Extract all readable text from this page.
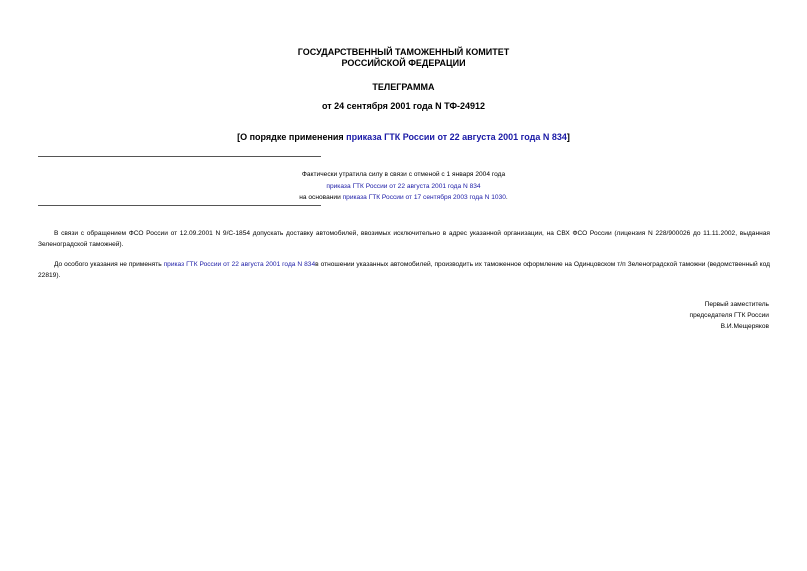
ГОСУДАРСТВЕННЫЙ ТАМОЖЕННЫЙ КОМИТЕТ
РОССИЙСКОЙ ФЕДЕРАЦИИ
ТЕЛЕГРАММА
от 24 сентября 2001 года N ТФ-24912
[О порядке применения приказа ГТК России от 22 августа 2001 года N 834]
Фактически утратила силу в связи с отменой с 1 января 2004 года
приказа ГТК России от 22 августа 2001 года N 834
на основании приказа ГТК России от 17 сентября 2003 года N 1030.
В связи с обращением ФСО России от 12.09.2001 N 9/С-1854 допускать доставку автомобилей, ввозимых исключительно в адрес указанной организации, на СВХ ФСО России (лицензия N 228/900026 до 11.11.2002, выданная Зеленоградской таможней).
До особого указания не применять приказ ГТК России от 22 августа 2001 года N 834в отношении указанных автомобилей, производить их таможенное оформление на Одинцовском т/п Зеленоградской таможни (ведомственный код 22819).
Первый заместитель
председателя ГТК России
В.И.Мещеряков
